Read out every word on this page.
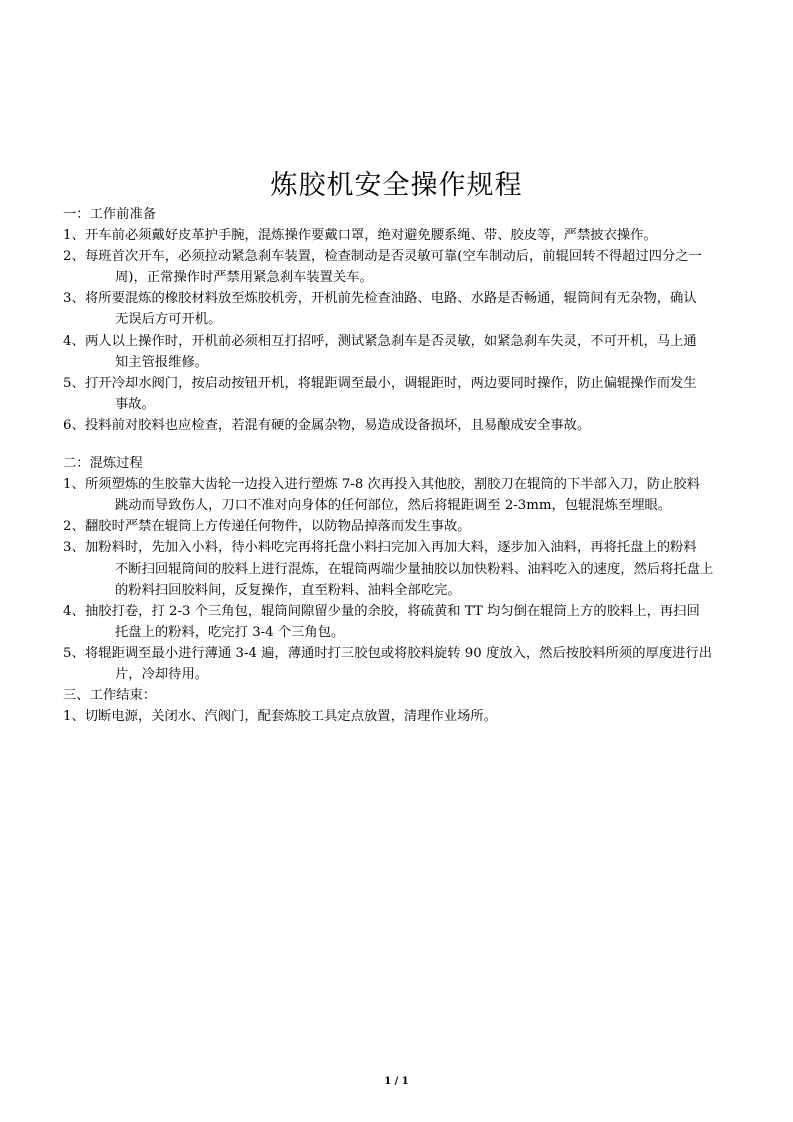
炼胶机安全操作规程
一：工作前准备
1、 开车前必须戴好皮革护手腕，混炼操作要戴口罩，绝对避免腰系绳、带、胶皮等，严禁披衣操作。
2、 每班首次开车，必须拉动紧急刹车装置，检查制动是否灵敏可靠(空车制动后，前辊回转不得超过四分之一
周)，正常操作时严禁用紧急刹车装置关车。
3、 将所要混炼的橡胶材料放至炼胶机旁，开机前先检查油路、电路、水路是否畅通，辊筒间有无杂物，确认
无误后方可开机。
4、 两人以上操作时，开机前必须相互打招呼，测试紧急刹车是否灵敏，如紧急刹车失灵，不可开机，马上通
知主管报维修。
5、 打开冷却水阀门，按启动按钮开机，将辊距调至最小，调辊距时，两边要同时操作，防止偏辊操作而发生
事故。
6、 投料前对胶料也应检查，若混有硬的金属杂物，易造成设备损坏，且易酿成安全事故。
二：混炼过程
1、 所须塑炼的生胶靠大齿轮一边投入进行塑炼 7-8 次再投入其他胶，割胶刀在辊筒的下半部入刀，防止胶料
跳动而导致伤人，刀口不准对向身体的任何部位，然后将辊距调至 2-3mm，包辊混炼至埋眼。
2、 翻胶时严禁在辊筒上方传递任何物件，以防物品掉落而发生事故。
3、 加粉料时，先加入小料，待小料吃完再将托盘小料扫完加入再加大料，逐步加入油料，再将托盘上的粉料
不断扫回辊筒间的胶料上进行混炼，在辊筒两端少量抽胶以加快粉料、油料吃入的速度，然后将托盘上
的粉料扫回胶料间，反复操作，直至粉料、油料全部吃完。
4、 抽胶打卷，打 2-3 个三角包，辊筒间隙留少量的余胶，将硫黄和 TT 均匀倒在辊筒上方的胶料上，再扫回
托盘上的粉料，吃完打 3-4 个三角包。
5、 将辊距调至最小进行薄通 3-4 遍，薄通时打三胶包或将胶料旋转 90 度放入，然后按胶料所须的厚度进行出
片，冷却待用。
三、工作结束：
1、切断电源，关闭水、汽阀门，配套炼胶工具定点放置，清理作业场所。
1 / 1
